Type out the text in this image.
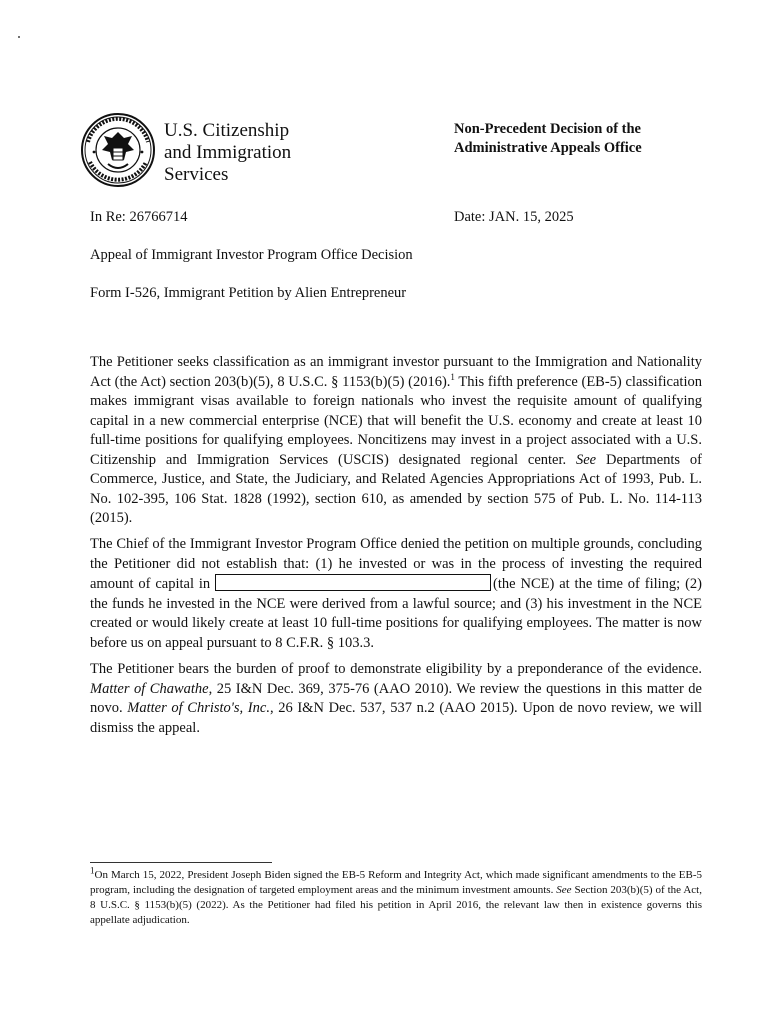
U.S. Citizenship
and Immigration
Services
Non-Precedent Decision of the
Administrative Appeals Office
In Re: 26766714	Date: JAN. 15, 2025
Appeal of Immigrant Investor Program Office Decision
Form I-526, Immigrant Petition by Alien Entrepreneur
The Petitioner seeks classification as an immigrant investor pursuant to the Immigration and Nationality Act (the Act) section 203(b)(5), 8 U.S.C. § 1153(b)(5) (2016).$^1$ This fifth preference (EB-5) classification makes immigrant visas available to foreign nationals who invest the requisite amount of qualifying capital in a new commercial enterprise (NCE) that will benefit the U.S. economy and create at least 10 full-time positions for qualifying employees. Noncitizens may invest in a project associated with a U.S. Citizenship and Immigration Services (USCIS) designated regional center. See Departments of Commerce, Justice, and State, the Judiciary, and Related Agencies Appropriations Act of 1993, Pub. L. No. 102-395, 106 Stat. 1828 (1992), section 610, as amended by section 575 of Pub. L. No. 114-113 (2015).
The Chief of the Immigrant Investor Program Office denied the petition on multiple grounds, concluding the Petitioner did not establish that: (1) he invested or was in the process of investing the required amount of capital in	(the NCE) at the time of filing; (2) the funds he invested in the NCE were derived from a lawful source; and (3) his investment in the NCE created or would likely create at least 10 full-time positions for qualifying employees. The matter is now before us on appeal pursuant to 8 C.F.R. § 103.3.
The Petitioner bears the burden of proof to demonstrate eligibility by a preponderance of the evidence. Matter of Chawathe, 25 I&N Dec. 369, 375-76 (AAO 2010). We review the questions in this matter de novo. Matter of Christo's, Inc., 26 I&N Dec. 537, 537 n.2 (AAO 2015). Upon de novo review, we will dismiss the appeal.
$^1$On March 15, 2022, President Joseph Biden signed the EB-5 Reform and Integrity Act, which made significant amendments to the EB-5 program, including the designation of targeted employment areas and the minimum investment amounts. See Section 203(b)(5) of the Act, 8 U.S.C. § 1153(b)(5) (2022). As the Petitioner had filed his petition in April 2016, the relevant law then in existence governs this appellate adjudication.
